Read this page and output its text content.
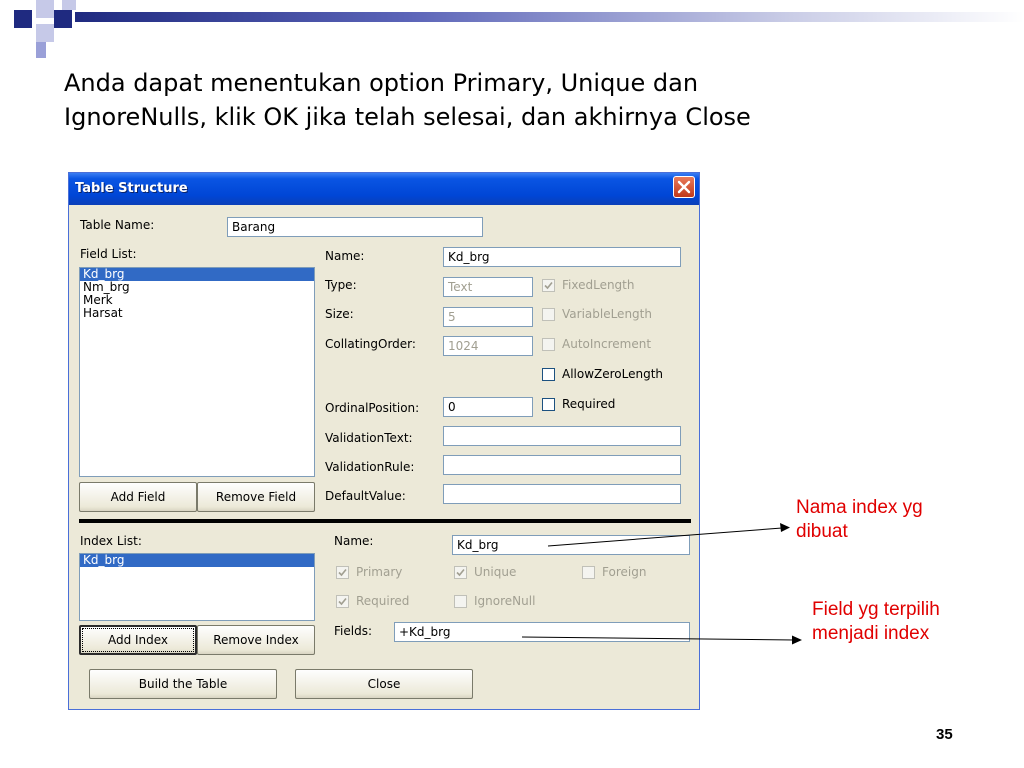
Anda dapat menentukan option Primary, Unique dan
IgnoreNulls, klik OK jika telah selesai, dan akhirnya Close
Table Structure
Table Name:	Barang
Field List:
Kd_brg
Nm_brg
Merk
Harsat
Name:	Kd_brg
Type:	Text
Size:	5
CollatingOrder:	1024
FixedLength
VariableLength
AutoIncrement
AllowZeroLength
Required
OrdinalPosition:	0
ValidationText:
ValidationRule:
DefaultValue:
Add Field	Remove Field
Index List:
Kd_brg
Name:	Kd_brg
Primary	Unique	Foreign
Required	IgnoreNull
Fields:	+Kd_brg
Add Index	Remove Index
Build the Table	Close
Nama index yg
dibuat
Field yg terpilih
menjadi index
35
